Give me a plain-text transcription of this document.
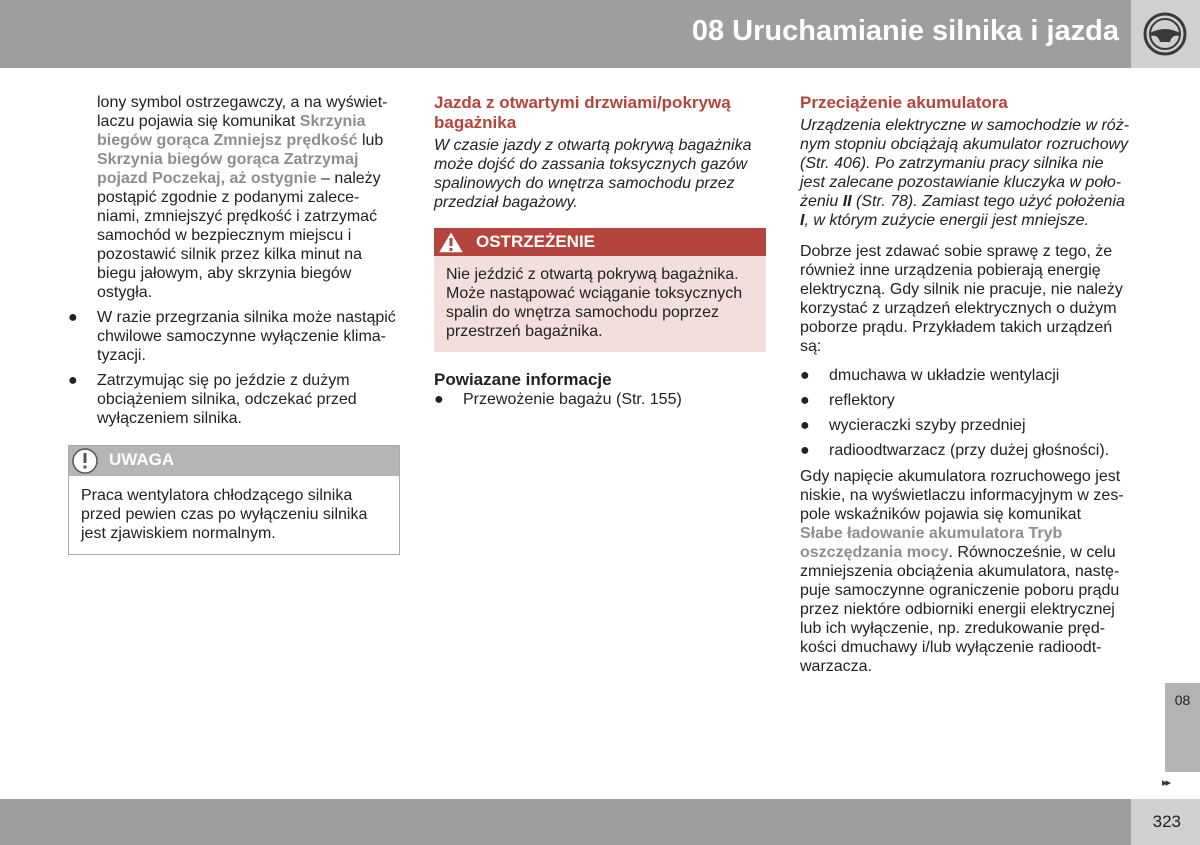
08 Uruchamianie silnika i jazda

lony symbol ostrzegawczy, a na wyświet-

laczu pojawia się komunikat Skrzynia

biegów gorąca Zmniejsz prędkość lub

Skrzynia biegów gorąca Zatrzymaj

pojazd Poczekaj, aż ostygnie – należy

postąpić zgodnie z podanymi zalece-

niami, zmniejszyć prędkość i zatrzymać

samochód w bezpiecznym miejscu i

pozostawić silnik przez kilka minut na

biegu jałowym, aby skrzynia biegów

ostygła.

● W razie przegrzania silnika może nastąpić

chwilowe samoczynne wyłączenie klima-

tyzacji.

● Zatrzymując się po jeździe z dużym

obciążeniem silnika, odczekać przed

wyłączeniem silnika.

UWAGA

Praca wentylatora chłodzącego silnika

przed pewien czas po wyłączeniu silnika

jest zjawiskiem normalnym.

Jazda z otwartymi drzwiami/pokrywą

bagażnika

W czasie jazdy z otwartą pokrywą bagażnika

może dojść do zassania toksycznych gazów

spalinowych do wnętrza samochodu przez

przedział bagażowy.

OSTRZEŻENIE

Nie jeździć z otwartą pokrywą bagażnika.

Może nastąpować wciąganie toksycznych

spalin do wnętrza samochodu poprzez

przestrzeń bagażnika.

Powiazane informacje

● Przewożenie bagażu (Str. 155)

Przeciążenie akumulatora

Urządzenia elektryczne w samochodzie w róż-

nym stopniu obciążają akumulator rozruchowy

(Str. 406). Po zatrzymaniu pracy silnika nie

jest zalecane pozostawianie kluczyka w poło-

żeniu II (Str. 78). Zamiast tego użyć położenia

I, w którym zużycie energii jest mniejsze.

Dobrze jest zdawać sobie sprawę z tego, że

również inne urządzenia pobierają energię

elektryczną. Gdy silnik nie pracuje, nie należy

korzystać z urządzeń elektrycznych o dużym

poborze prądu. Przykładem takich urządzeń

są:

● dmuchawa w układzie wentylacji
● reflektory
● wycieraczki szyby przedniej
● radioodtwarzacz (przy dużej głośności).

Gdy napięcie akumulatora rozruchowego jest

niskie, na wyświetlaczu informacyjnym w zes-

pole wskaźników pojawia się komunikat

Słabe ładowanie akumulatora Tryb

oszczędzania mocy. Równocześnie, w celu

zmniejszenia obciążenia akumulatora, nastę-

puje samoczynne ograniczenie poboru prądu

przez niektóre odbiorniki energii elektrycznej

lub ich wyłączenie, np. zredukowanie pręd-

kości dmuchawy i/lub wyłączenie radioodt-

warzacza.

08
▸▸
323
